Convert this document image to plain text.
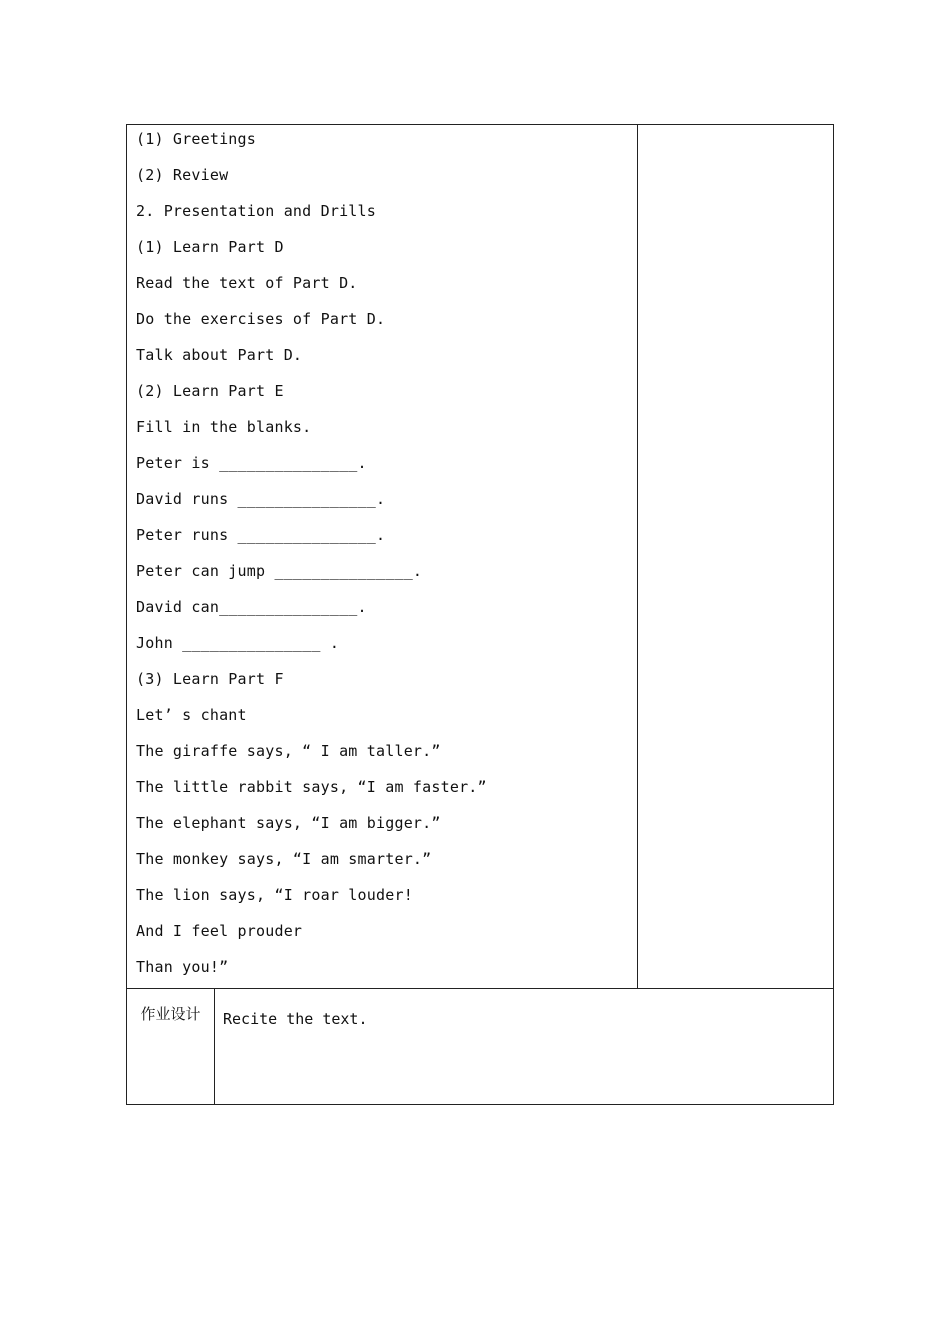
(1) Greetings
(2) Review
2. Presentation and Drills
(1) Learn Part D
Read the text of Part D.
Do the exercises of Part D.
Talk about Part D.
(2) Learn Part E
Fill in the blanks.
Peter is _______________.
David runs _______________.
Peter runs _______________.
Peter can jump _______________.
David can_______________.
John _______________ .
(3) Learn Part F
Let’ s chant
The giraffe says, “ I am taller.”
The little rabbit says, “I am faster.”
The elephant says, “I am bigger.”
The monkey says, “I am smarter.”
The lion says, “I roar louder!
And I feel prouder
Than you!”
作业设计	Recite the text.
